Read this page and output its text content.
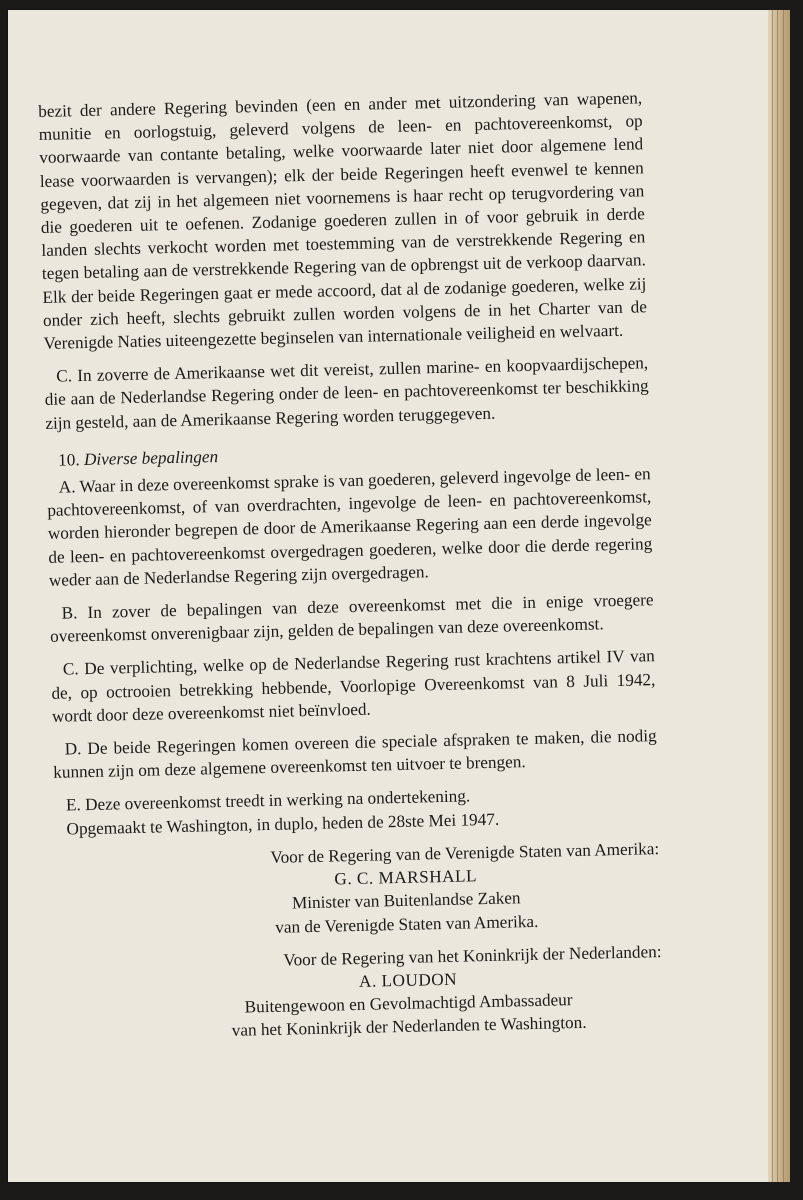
bezit der andere Regering bevinden (een en ander met uitzondering van wapenen, munitie en oorlogstuig, geleverd volgens de leen- en pachtovereenkomst, op voorwaarde van contante betaling, welke voorwaarde later niet door algemene lend lease voorwaarden is vervangen); elk der beide Regeringen heeft evenwel te kennen gegeven, dat zij in het algemeen niet voornemens is haar recht op terugvordering van die goederen uit te oefenen. Zodanige goederen zullen in of voor gebruik in derde landen slechts verkocht worden met toestemming van de verstrekkende Regering en tegen betaling aan de verstrekkende Regering van de opbrengst uit de verkoop daarvan. Elk der beide Regeringen gaat er mede accoord, dat al de zodanige goederen, welke zij onder zich heeft, slechts gebruikt zullen worden volgens de in het Charter van de Verenigde Naties uiteengezette beginselen van internationale veiligheid en welvaart.

C. In zoverre de Amerikaanse wet dit vereist, zullen marine- en koopvaardijschepen, die aan de Nederlandse Regering onder de leen- en pachtovereenkomst ter beschikking zijn gesteld, aan de Amerikaanse Regering worden teruggegeven.

10. Diverse bepalingen

A. Waar in deze overeenkomst sprake is van goederen, geleverd ingevolge de leen- en pachtovereenkomst, of van overdrachten, ingevolge de leen- en pachtovereenkomst, worden hieronder begrepen de door de Amerikaanse Regering aan een derde ingevolge de leen- en pachtovereenkomst overgedragen goederen, welke door die derde regering weder aan de Nederlandse Regering zijn overgedragen.

B. In zover de bepalingen van deze overeenkomst met die in enige vroegere overeenkomst onverenigbaar zijn, gelden de bepalingen van deze overeenkomst.

C. De verplichting, welke op de Nederlandse Regering rust krachtens artikel IV van de, op octrooien betrekking hebbende, Voorlopige Overeenkomst van 8 Juli 1942, wordt door deze overeenkomst niet beïnvloed.

D. De beide Regeringen komen overeen die speciale afspraken te maken, die nodig kunnen zijn om deze algemene overeenkomst ten uitvoer te brengen.

E. Deze overeenkomst treedt in werking na ondertekening.

Opgemaakt te Washington, in duplo, heden de 28ste Mei 1947.

Voor de Regering van de Verenigde Staten van Amerika:
G. C. MARSHALL
Minister van Buitenlandse Zaken
van de Verenigde Staten van Amerika.
Voor de Regering van het Koninkrijk der Nederlanden:
A. LOUDON
Buitengewoon en Gevolmachtigd Ambassadeur
van het Koninkrijk der Nederlanden te Washington.
